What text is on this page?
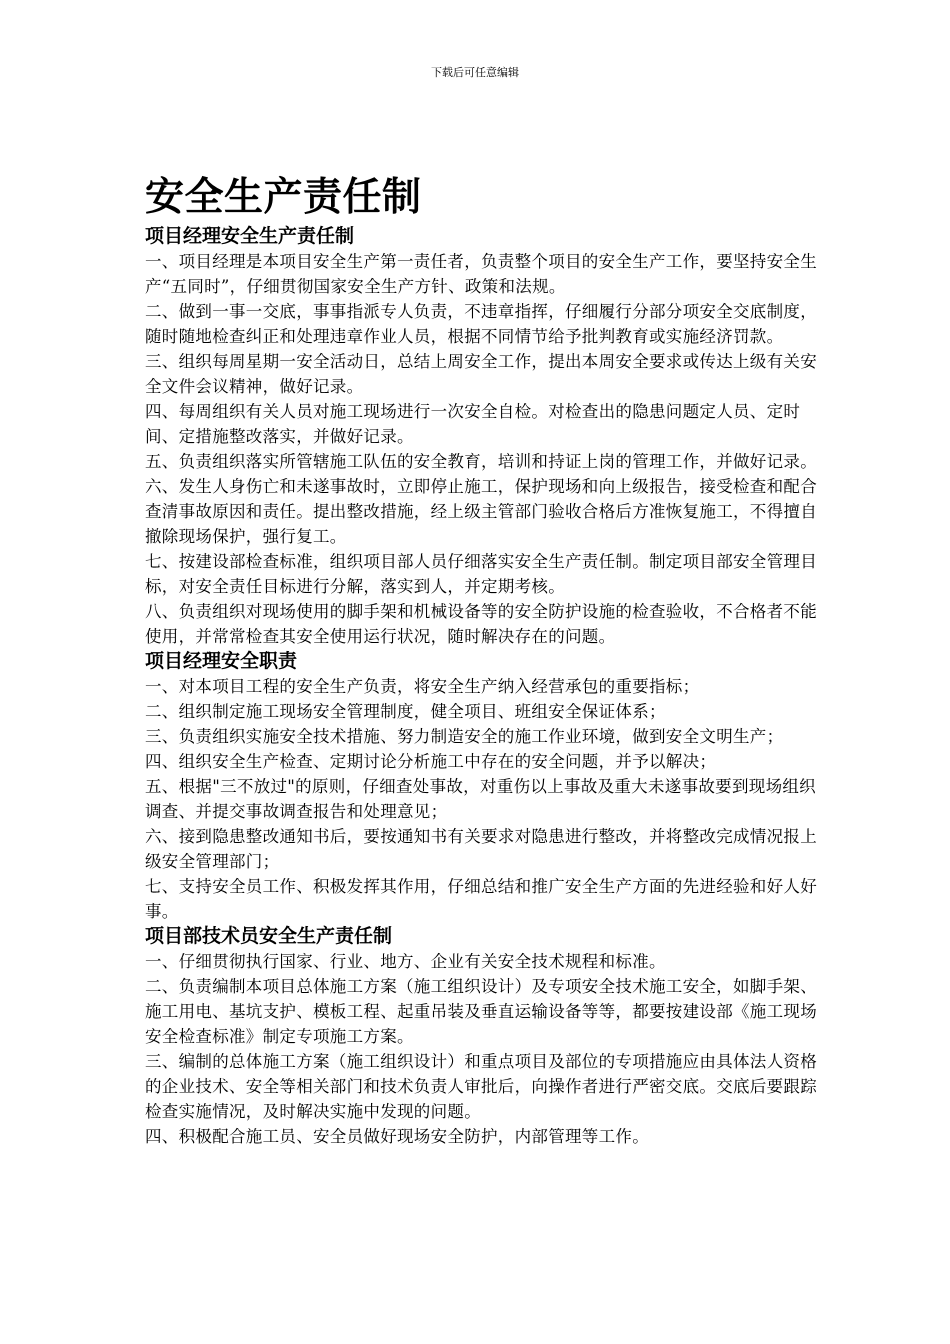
下载后可任意编辑
安全生产责任制
项目经理安全生产责任制

一、项目经理是本项目安全生产第一责任者，负责整个项目的安全生产工作，要坚持安全生产“五同时”，仔细贯彻国家安全生产方针、政策和法规。

二、做到一事一交底，事事指派专人负责，不违章指挥，仔细履行分部分项安全交底制度，随时随地检查纠正和处理违章作业人员，根据不同情节给予批判教育或实施经济罚款。

三、组织每周星期一安全活动日，总结上周安全工作，提出本周安全要求或传达上级有关安全文件会议精神，做好记录。

四、每周组织有关人员对施工现场进行一次安全自检。对检查出的隐患问题定人员、定时间、定措施整改落实，并做好记录。

五、负责组织落实所管辖施工队伍的安全教育，培训和持证上岗的管理工作，并做好记录。

六、发生人身伤亡和未遂事故时，立即停止施工，保护现场和向上级报告，接受检查和配合查清事故原因和责任。提出整改措施，经上级主管部门验收合格后方准恢复施工，不得擅自撤除现场保护，强行复工。

七、按建设部检查标准，组织项目部人员仔细落实安全生产责任制。制定项目部安全管理目标，对安全责任目标进行分解，落实到人，并定期考核。

八、负责组织对现场使用的脚手架和机械设备等的安全防护设施的检查验收，不合格者不能使用，并常常检查其安全使用运行状况，随时解决存在的问题。

项目经理安全职责

一、对本项目工程的安全生产负责，将安全生产纳入经营承包的重要指标；

二、组织制定施工现场安全管理制度，健全项目、班组安全保证体系；

三、负责组织实施安全技术措施、努力制造安全的施工作业环境，做到安全文明生产；

四、组织安全生产检查、定期讨论分析施工中存在的安全问题，并予以解决；

五、根据"三不放过"的原则，仔细查处事故，对重伤以上事故及重大未遂事故要到现场组织调查、并提交事故调查报告和处理意见；

六、接到隐患整改通知书后，要按通知书有关要求对隐患进行整改，并将整改完成情况报上级安全管理部门；

七、支持安全员工作、积极发挥其作用，仔细总结和推广安全生产方面的先进经验和好人好事。

项目部技术员安全生产责任制

一、仔细贯彻执行国家、行业、地方、企业有关安全技术规程和标准。

二、负责编制本项目总体施工方案（施工组织设计）及专项安全技术施工安全，如脚手架、施工用电、基坑支护、模板工程、起重吊装及垂直运输设备等等，都要按建设部《施工现场安全检查标准》制定专项施工方案。

三、编制的总体施工方案（施工组织设计）和重点项目及部位的专项措施应由具体法人资格的企业技术、安全等相关部门和技术负责人审批后，向操作者进行严密交底。交底后要跟踪检查实施情况，及时解决实施中发现的问题。

四、积极配合施工员、安全员做好现场安全防护，内部管理等工作。
